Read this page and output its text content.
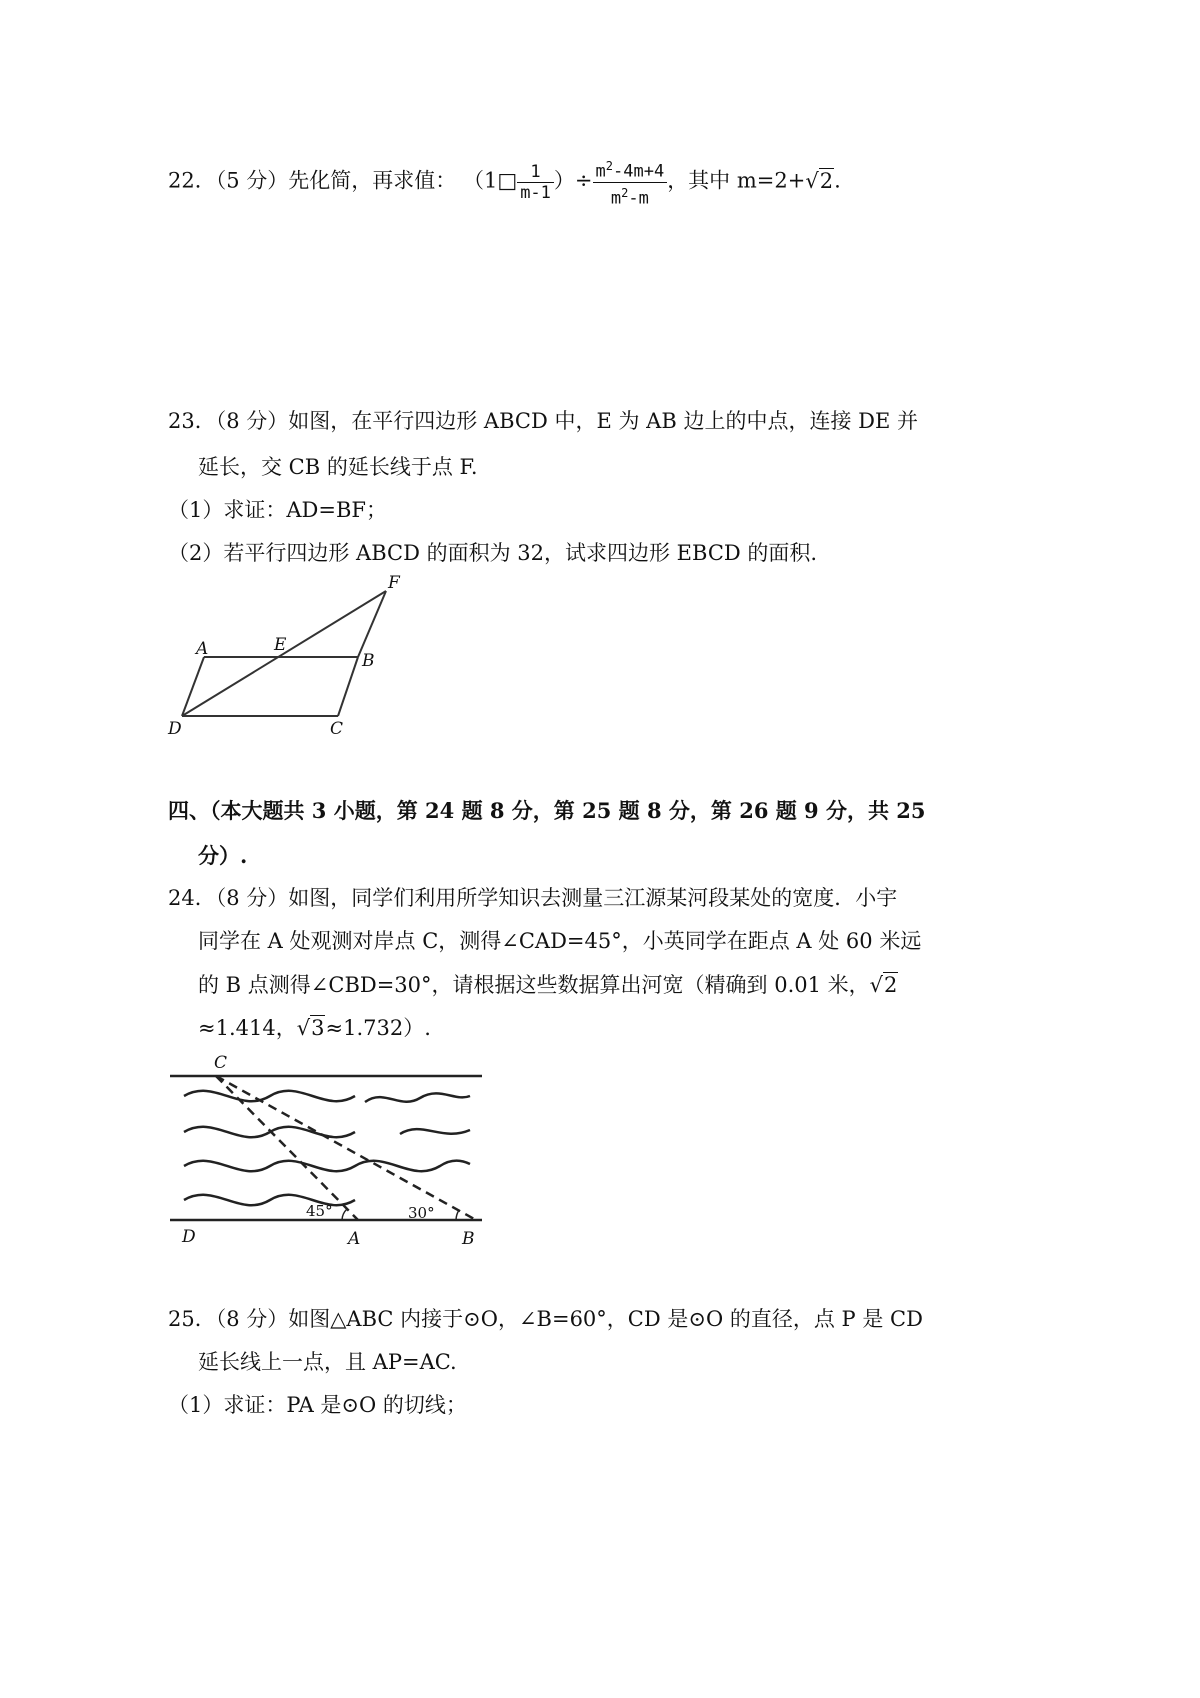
22．（5 分）先化简，再求值： （1□ $\frac{1}{m-1}$ ）÷ $\frac{m^2-4m+4}{m^2-m}$ ，其中 m=2+√2.
23．（8 分）如图，在平行四边形 ABCD 中，E 为 AB 边上的中点，连接 DE 并
延长，交 CB 的延长线于点 F.
（1）求证：AD=BF；
（2）若平行四边形 ABCD 的面积为 32，试求四边形 EBCD 的面积.
A	E
B
F
D	C
四、（本大题共 3 小题，第 24 题 8 分，第 25 题 8 分，第 26 题 9 分，共 25
分）.
24．（8 分）如图，同学们利用所学知识去测量三江源某河段某处的宽度．小宇
同学在 A 处观测对岸点 C，测得∠CAD=45°，小英同学在距点 A 处 60 米远
的 B 点测得∠CBD=30°，请根据这些数据算出河宽（精确到 0.01 米，√2
≈1.414，√3≈1.732）.
C
D	A	B
45°	30°
25．（8 分）如图△ABC 内接于⊙O，∠B=60°，CD 是⊙O 的直径，点 P 是 CD
延长线上一点，且 AP=AC.
（1）求证：PA 是⊙O 的切线；
